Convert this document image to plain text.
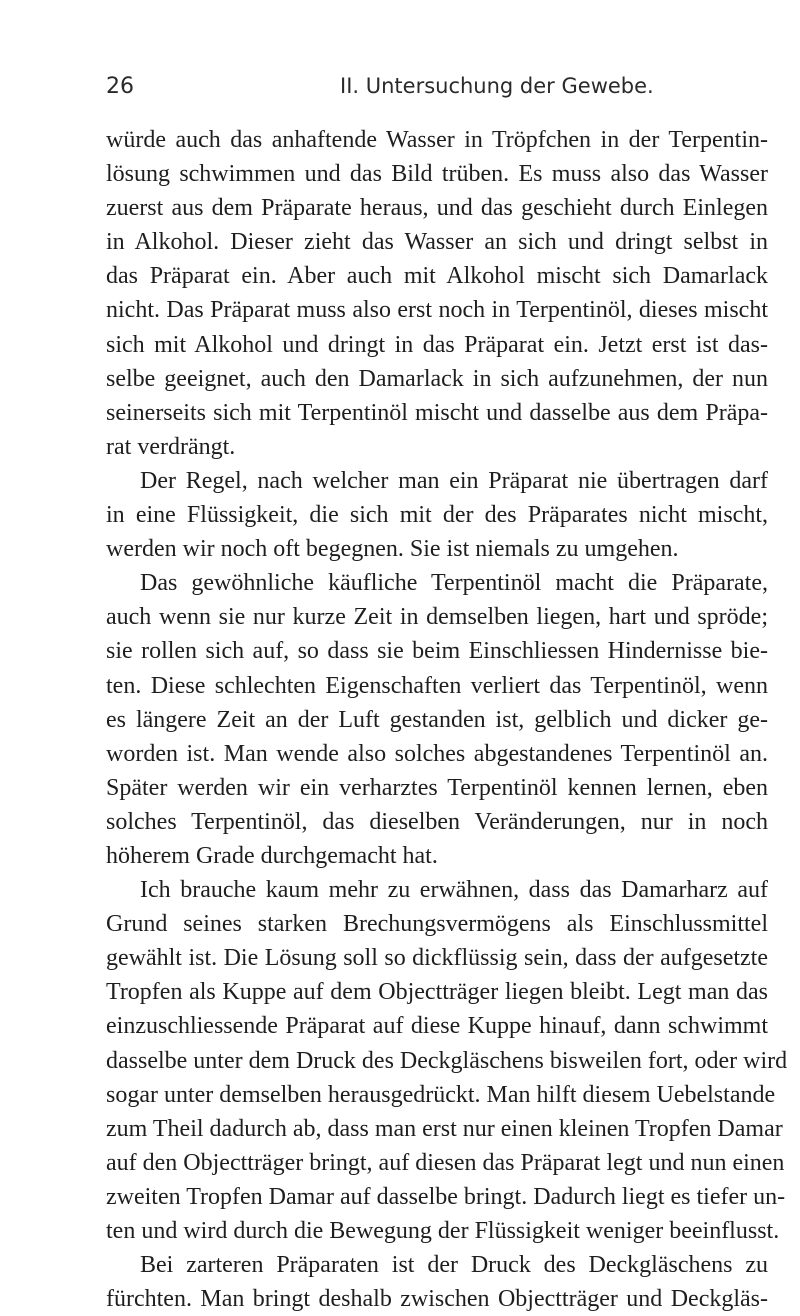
26	II. Untersuchung der Gewebe.
würde auch das anhaftende Wasser in Tröpfchen in der Terpentin-
lösung schwimmen und das Bild trüben. Es muss also das Wasser
zuerst aus dem Präparate heraus, und das geschieht durch Einlegen
in Alkohol. Dieser zieht das Wasser an sich und dringt selbst in
das Präparat ein. Aber auch mit Alkohol mischt sich Damarlack
nicht. Das Präparat muss also erst noch in Terpentinöl, dieses mischt
sich mit Alkohol und dringt in das Präparat ein. Jetzt erst ist das-
selbe geeignet, auch den Damarlack in sich aufzunehmen, der nun
seinerseits sich mit Terpentinöl mischt und dasselbe aus dem Präpa-
rat verdrängt.
Der Regel, nach welcher man ein Präparat nie übertragen darf
in eine Flüssigkeit, die sich mit der des Präparates nicht mischt,
werden wir noch oft begegnen. Sie ist niemals zu umgehen.
Das gewöhnliche käufliche Terpentinöl macht die Präparate,
auch wenn sie nur kurze Zeit in demselben liegen, hart und spröde;
sie rollen sich auf, so dass sie beim Einschliessen Hindernisse bie-
ten. Diese schlechten Eigenschaften verliert das Terpentinöl, wenn
es längere Zeit an der Luft gestanden ist, gelblich und dicker ge-
worden ist. Man wende also solches abgestandenes Terpentinöl an.
Später werden wir ein verharztes Terpentinöl kennen lernen, eben
solches Terpentinöl, das dieselben Veränderungen, nur in noch
höherem Grade durchgemacht hat.
Ich brauche kaum mehr zu erwähnen, dass das Damarharz auf
Grund seines starken Brechungsvermögens als Einschlussmittel
gewählt ist. Die Lösung soll so dickflüssig sein, dass der aufgesetzte
Tropfen als Kuppe auf dem Objectträger liegen bleibt. Legt man das
einzuschliessende Präparat auf diese Kuppe hinauf, dann schwimmt
dasselbe unter dem Druck des Deckgläschens bisweilen fort, oder wird
sogar unter demselben herausgedrückt. Man hilft diesem Uebelstande
zum Theil dadurch ab, dass man erst nur einen kleinen Tropfen Damar
auf den Objectträger bringt, auf diesen das Präparat legt und nun einen
zweiten Tropfen Damar auf dasselbe bringt. Dadurch liegt es tiefer un-
ten und wird durch die Bewegung der Flüssigkeit weniger beeinflusst.
Bei zarteren Präparaten ist der Druck des Deckgläschens zu
fürchten. Man bringt deshalb zwischen Objectträger und Deckgläs-
